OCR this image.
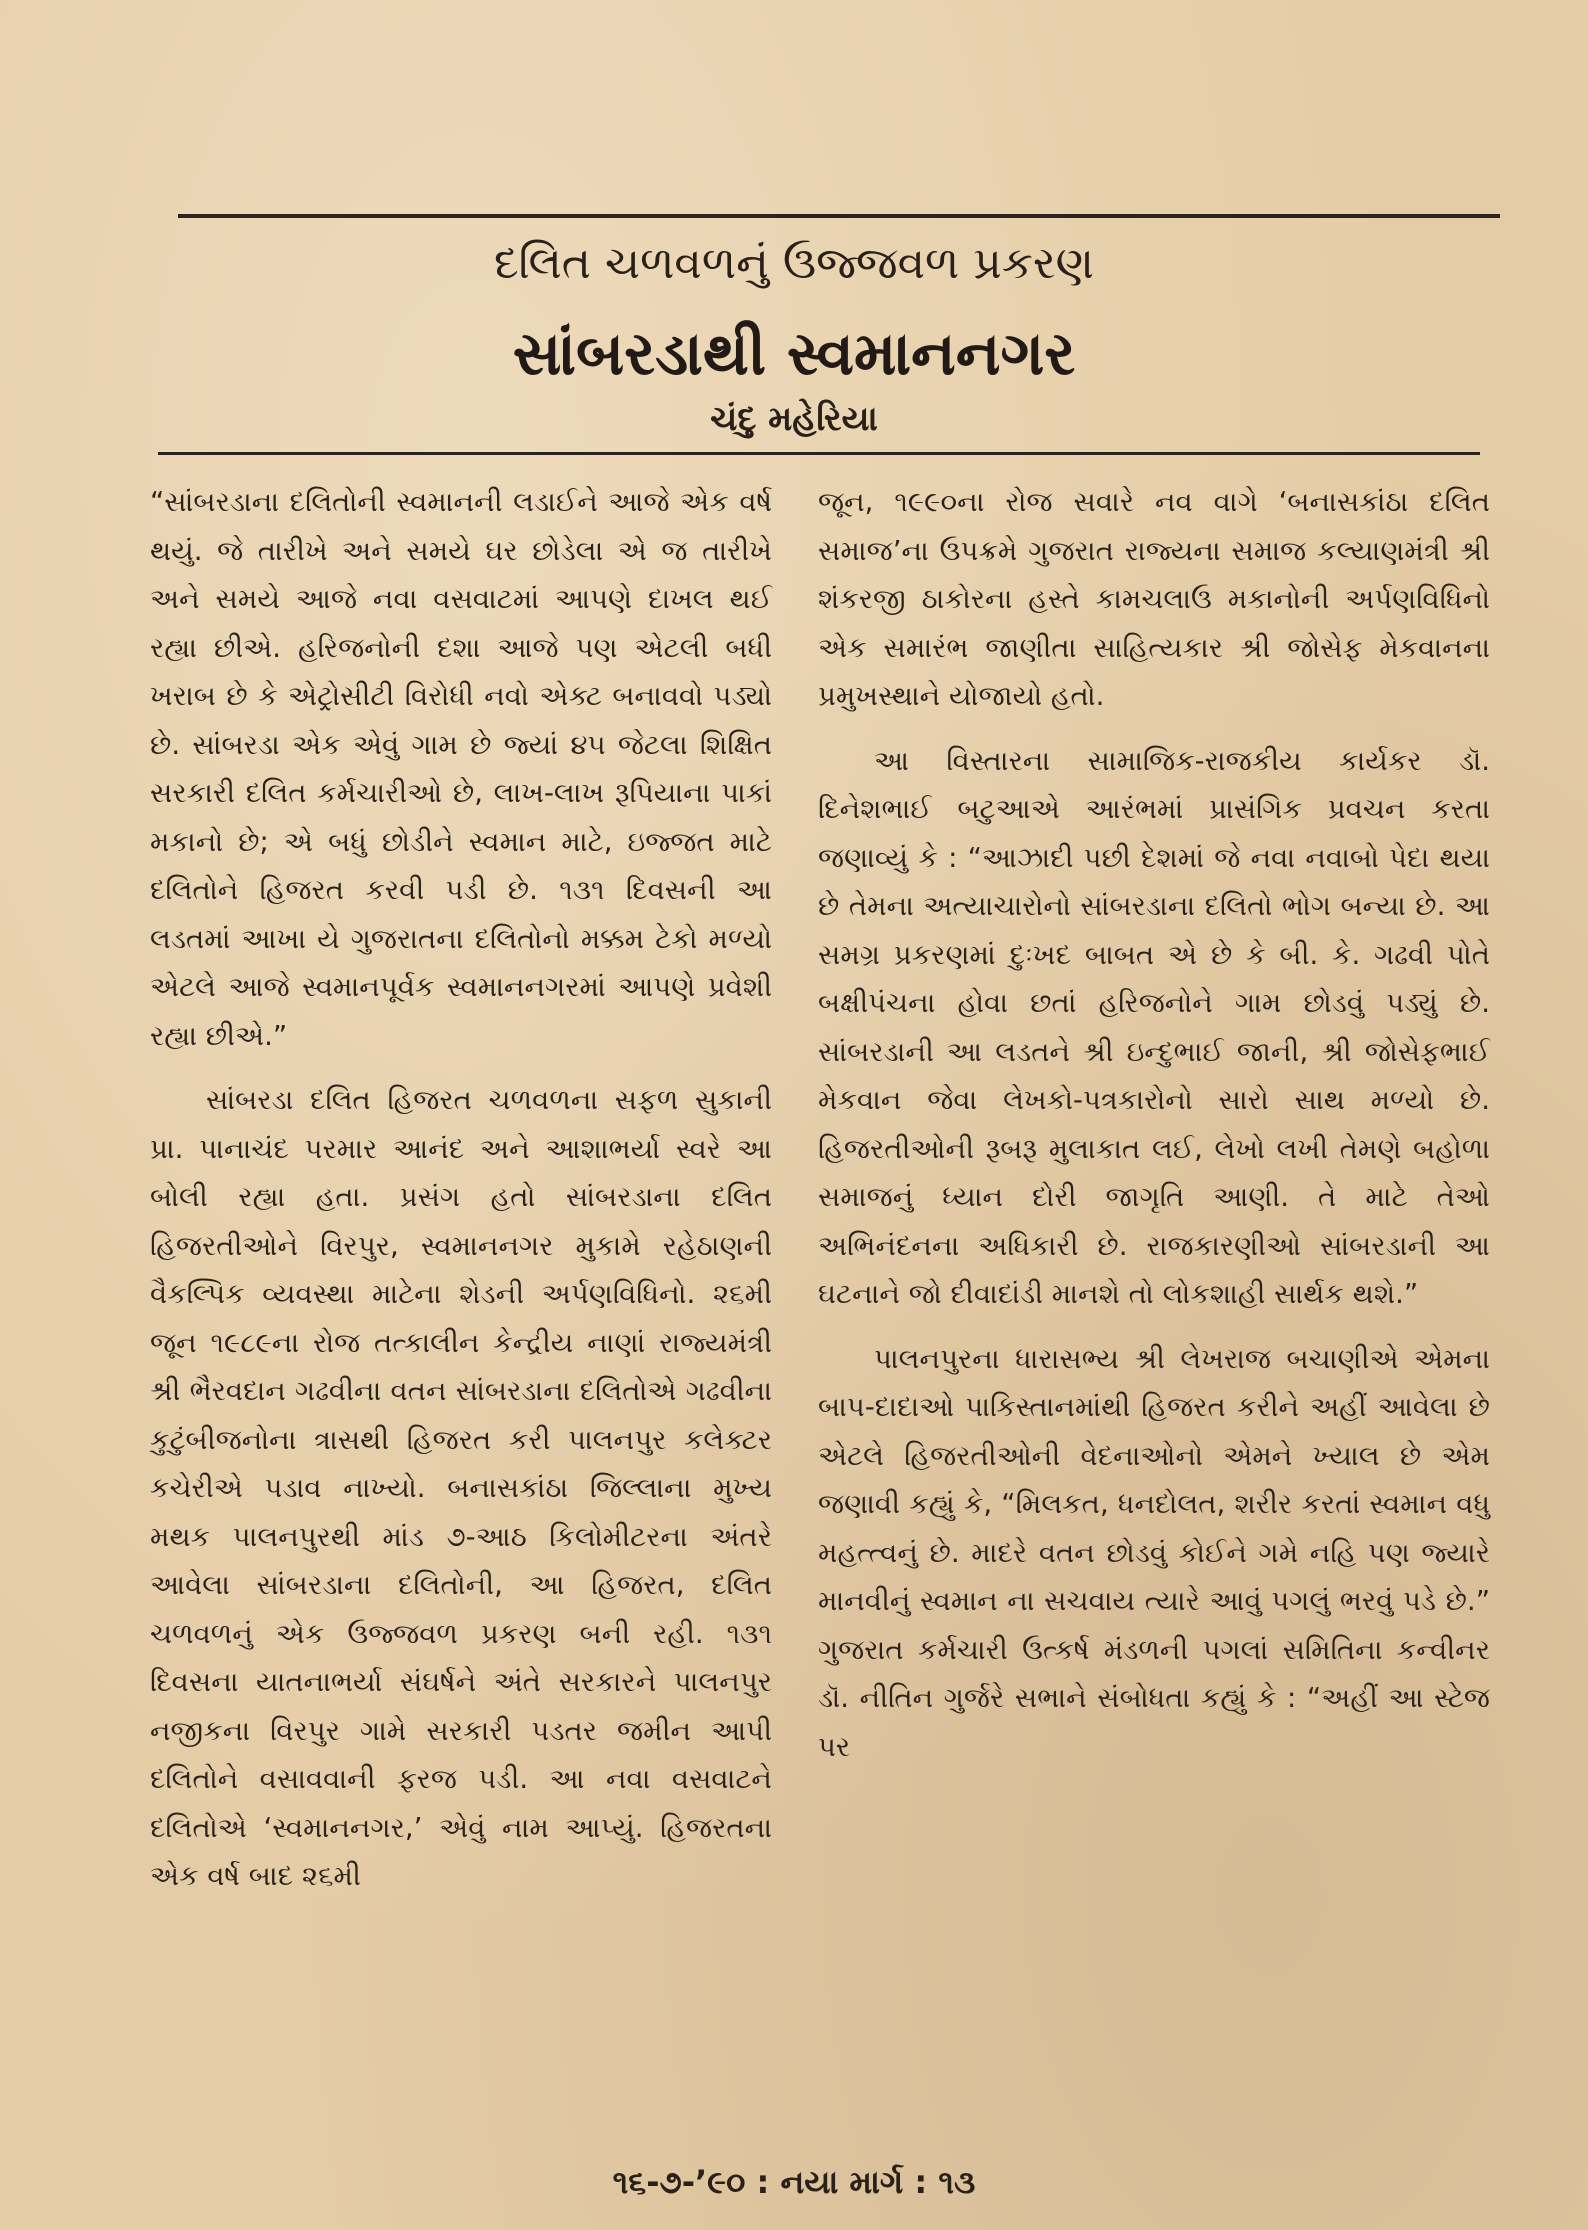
દલિત ચળવળનું ઉજ્જવળ પ્રકરણ
સાંબરડાથી સ્વમાનનગર
ચંદુ મહેરિયા

“સાંબરડાના દલિતોની સ્વમાનની લડાઈને આજે એક વર્ષ થયું. જે તારીખે અને સમયે ઘર છોડેલા એ જ તારીખે અને સમયે આજે નવા વસવાટમાં આપણે દાખલ થઈ રહ્યા છીએ. હરિજનોની દશા આજે પણ એટલી બધી ખરાબ છે કે એટ્રોસીટી વિરોધી નવો એક્ટ બનાવવો પડ્યો છે. સાંબરડા એક એવું ગામ છે જ્યાં ૪૫ જેટલા શિક્ષિત સરકારી દલિત કર્મચારીઓ છે, લાખ-લાખ રૂપિયાના પાકાં મકાનો છે; એ બધું છોડીને સ્વમાન માટે, ઇજ્જત માટે દલિતોને હિજરત કરવી પડી છે. ૧૩૧ દિવસની આ લડતમાં આખા યે ગુજરાતના દલિતોનો મક્કમ ટેકો મળ્યો એટલે આજે સ્વમાનપૂર્વક સ્વમાનનગરમાં આપણે પ્રવેશી રહ્યા છીએ.”

સાંબરડા દલિત હિજરત ચળવળના સફળ સુકાની પ્રા. પાનાચંદ પરમાર આનંદ અને આશાભર્યા સ્વરે આ બોલી રહ્યા હતા. પ્રસંગ હતો સાંબરડાના દલિત હિજરતીઓને વિરપુર, સ્વમાનનગર મુકામે રહેઠાણની વૈકલ્પિક વ્યવસ્થા માટેના શેડની અર્પણવિધિનો. ૨૬મી જૂન ૧૯૮૯ના રોજ તત્કાલીન કેન્દ્રીય નાણાં રાજ્યમંત્રી શ્રી ભૈરવદાન ગઢવીના વતન સાંબરડાના દલિતોએ ગઢવીના કુટુંબીજનોના ત્રાસથી હિજરત કરી પાલનપુર કલેક્ટર કચેરીએ પડાવ નાખ્યો. બનાસકાંઠા જિલ્લાના મુખ્ય મથક પાલનપુરથી માંડ ૭-આઠ કિલોમીટરના અંતરે આવેલા સાંબરડાના દલિતોની, આ હિજરત, દલિત ચળવળનું એક ઉજ્જવળ પ્રકરણ બની રહી. ૧૩૧ દિવસના યાતનાભર્યા સંઘર્ષને અંતે સરકારને પાલનપુર નજીકના વિરપુર ગામે સરકારી પડતર જમીન આપી દલિતોને વસાવવાની ફરજ પડી. આ નવા વસવાટને દલિતોએ ‘સ્વમાનનગર,’ એવું નામ આપ્યું. હિજરતના એક વર્ષ બાદ ૨૬મી

જૂન, ૧૯૯૦ના રોજ સવારે નવ વાગે ‘બનાસકાંઠા દલિત સમાજ’ના ઉપક્રમે ગુજરાત રાજ્યના સમાજ કલ્યાણમંત્રી શ્રી શંકરજી ઠાકોરના હસ્તે કામચલાઉ મકાનોની અર્પણવિધિનો એક સમારંભ જાણીતા સાહિત્યકાર શ્રી જોસેફ મેકવાનના પ્રમુખસ્થાને યોજાયો હતો.

આ વિસ્તારના સામાજિક-રાજકીય કાર્યકર ડૉ. દિનેશભાઈ બટુઆએ આરંભમાં પ્રાસંગિક પ્રવચન કરતા જણાવ્યું કે : “આઝાદી પછી દેશમાં જે નવા નવાબો પેદા થયા છે તેમના અત્યાચારોનો સાંબરડાના દલિતો ભોગ બન્યા છે. આ સમગ્ર પ્રકરણમાં દુઃખદ બાબત એ છે કે બી. કે. ગઢવી પોતે બક્ષીપંચના હોવા છતાં હરિજનોને ગામ છોડવું પડ્યું છે. સાંબરડાની આ લડતને શ્રી ઇન્દુભાઈ જાની, શ્રી જોસેફભાઈ મેકવાન જેવા લેખકો-પત્રકારોનો સારો સાથ મળ્યો છે. હિજરતીઓની રૂબરૂ મુલાકાત લઈ, લેખો લખી તેમણે બહોળા સમાજનું ધ્યાન દોરી જાગૃતિ આણી. તે માટે તેઓ અભિનંદનના અધિકારી છે. રાજકારણીઓ સાંબરડાની આ ઘટનાને જો દીવાદાંડી માનશે તો લોકશાહી સાર્થક થશે.”

પાલનપુરના ધારાસભ્ય શ્રી લેખરાજ બચાણીએ એમના બાપ-દાદાઓ પાકિસ્તાનમાંથી હિજરત કરીને અહીં આવેલા છે એટલે હિજરતીઓની વેદનાઓનો એમને ખ્યાલ છે એમ જણાવી કહ્યું કે, “મિલકત, ધનદોલત, શરીર કરતાં સ્વમાન વધુ મહત્ત્વનું છે. માદરે વતન છોડવું કોઈને ગમે નહિ પણ જ્યારે માનવીનું સ્વમાન ના સચવાય ત્યારે આવું પગલું ભરવું પડે છે.” ગુજરાત કર્મચારી ઉત્કર્ષ મંડળની પગલાં સમિતિના કન્વીનર ડૉ. નીતિન ગુર્જરે સભાને સંબોધતા કહ્યું કે : “અહીં આ સ્ટેજ પર

૧૬-૭-’૯૦ : નયા માર્ગ : ૧૩
